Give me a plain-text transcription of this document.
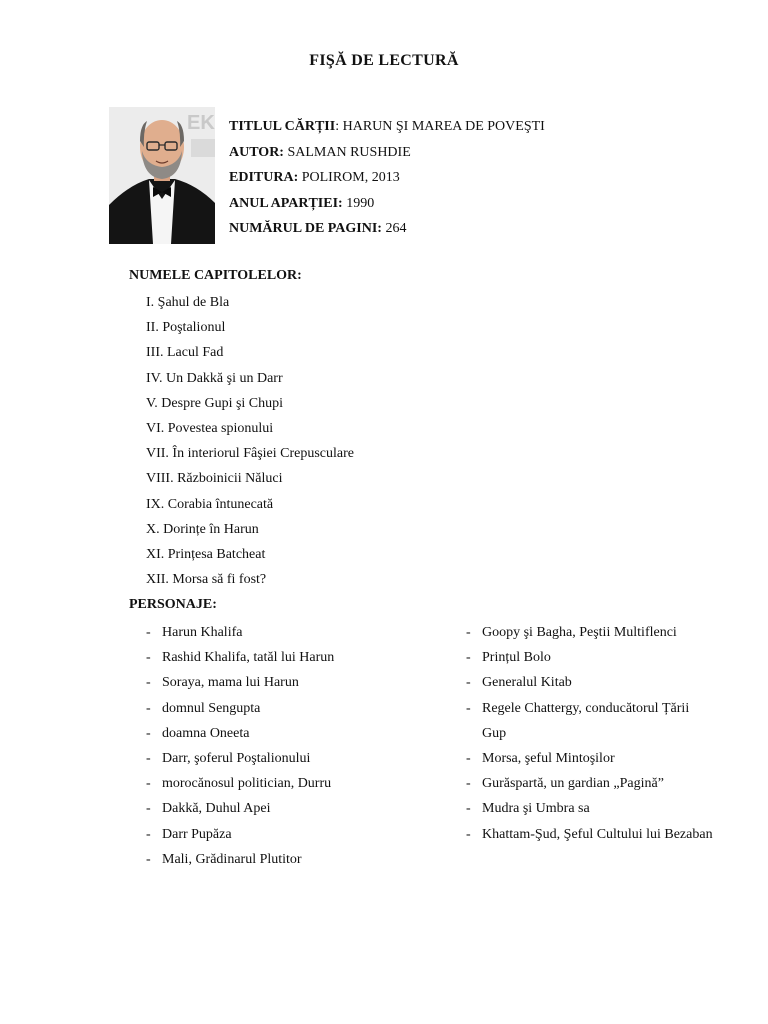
FIŞĂ DE LECTURĂ
EK TITLUL CĂRȚII: HARUN ŞI MAREA DE POVEŞTI
AUTOR: SALMAN RUSHDIE
EDITURA: POLIROM, 2013
ANUL APARȚIEI: 1990
NUMĂRUL DE PAGINI: 264
NUMELE CAPITOLELOR:
I. Şahul de Bla
II. Poştalionul
III. Lacul Fad
IV. Un Dakkă şi un Darr
V. Despre Gupi şi Chupi
VI. Povestea spionului
VII. În interiorul Fâşiei Crepusculare
VIII. Războinicii Năluci
IX. Corabia întunecată
X. Dorințe în Harun
XI. Prințesa Batcheat
XII. Morsa să fi fost?
PERSONAJE:
- Harun Khalifa
- Rashid Khalifa, tatăl lui Harun
- Soraya, mama lui Harun
- domnul Sengupta
- doamna Oneeta
- Darr, şoferul Poştalionului
- morocănosul politician, Durru
- Dakkă, Duhul Apei
- Darr Pupăza
- Mali, Grădinarul Plutitor
- Goopy şi Bagha, Peştii Multiflenci
- Prințul Bolo
- Generalul Kitab
- Regele Chattergy, conducătorul Țării Gup
- Morsa, şeful Mintoşilor
- Gurăspartă, un gardian „Pagină”
- Mudra şi Umbra sa
- Khattam-Şud, Şeful Cultului lui Bezaban
